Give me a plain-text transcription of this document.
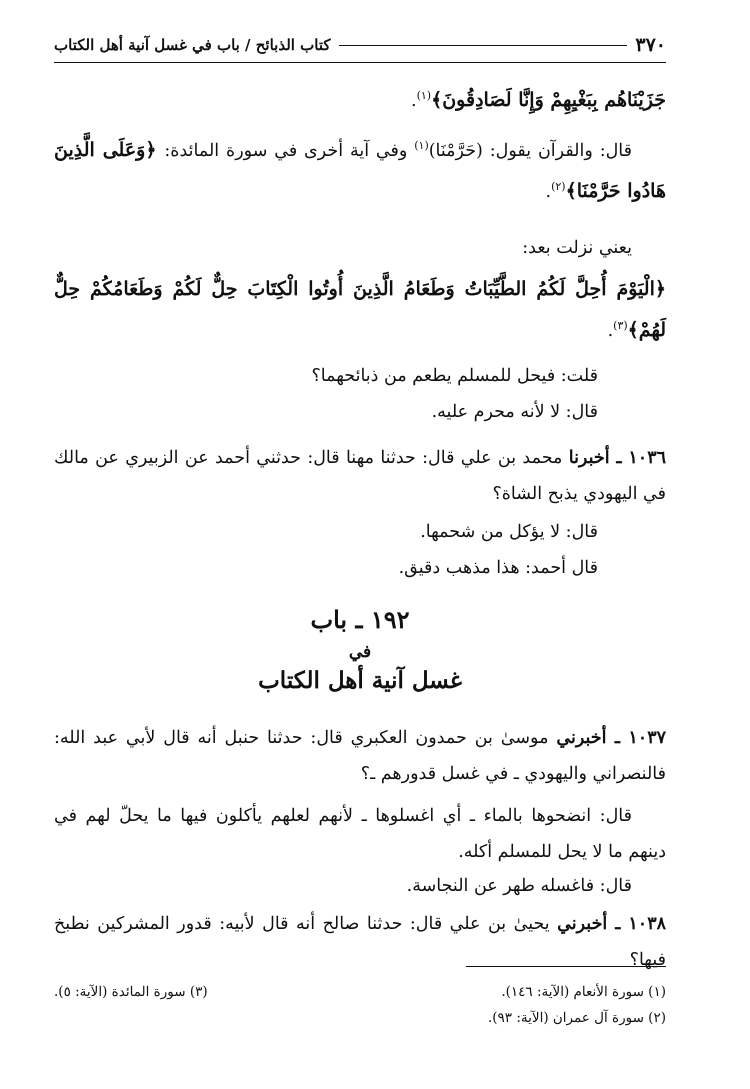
٣٧٠
كتاب الذبائح / باب في غسل آنية أهل الكتاب
جَزَيْنَاهُم بِبَغْيِهِمْ وَإِنَّا لَصَادِقُونَ﴾$^{(١)}$.
قال: والقرآن يقول: (حَرَّمْنَا)$^{(١)}$ وفي آية أخرى في سورة المائدة: ﴿وَعَلَى الَّذِينَ هَادُوا حَرَّمْنَا﴾$^{(٢)}$.
يعني نزلت بعد:
﴿الْيَوْمَ أُحِلَّ لَكُمُ الطَّيِّبَاتُ وَطَعَامُ الَّذِينَ أُوتُوا الْكِتَابَ حِلٌّ لَكُمْ وَطَعَامُكُمْ حِلٌّ لَهُمْ﴾$^{(٣)}$.
قلت: فيحل للمسلم يطعم من ذبائحهما؟
قال: لا لأنه محرم عليه.
١٠٣٦ ـ أخبرنا محمد بن علي قال: حدثنا مهنا قال: حدثني أحمد عن الزبيري عن مالك في اليهودي يذبح الشاة؟
قال: لا يؤكل من شحمها.
قال أحمد: هذا مذهب دقيق.
١٩٢ ـ باب
في
غسل آنية أهل الكتاب
١٠٣٧ ـ أخبرني موسىٰ بن حمدون العكبري قال: حدثنا حنبل أنه قال لأبي عبد الله: فالنصراني واليهودي ـ في غسل قدورهم ـ؟
قال: انضحوها بالماء ـ أي اغسلوها ـ لأنهم لعلهم يأكلون فيها ما يحلّ لهم في دينهم ما لا يحل للمسلم أكله.
قال: فاغسله طهر عن النجاسة.
١٠٣٨ ـ أخبرني يحيىٰ بن علي قال: حدثنا صالح أنه قال لأبيه: قدور المشركين نطبخ فيها؟
(١) سورة الأنعام (الآية: ١٤٦).
(٢) سورة آل عمران (الآية: ٩٣).
(٣) سورة المائدة (الآية: ٥).
